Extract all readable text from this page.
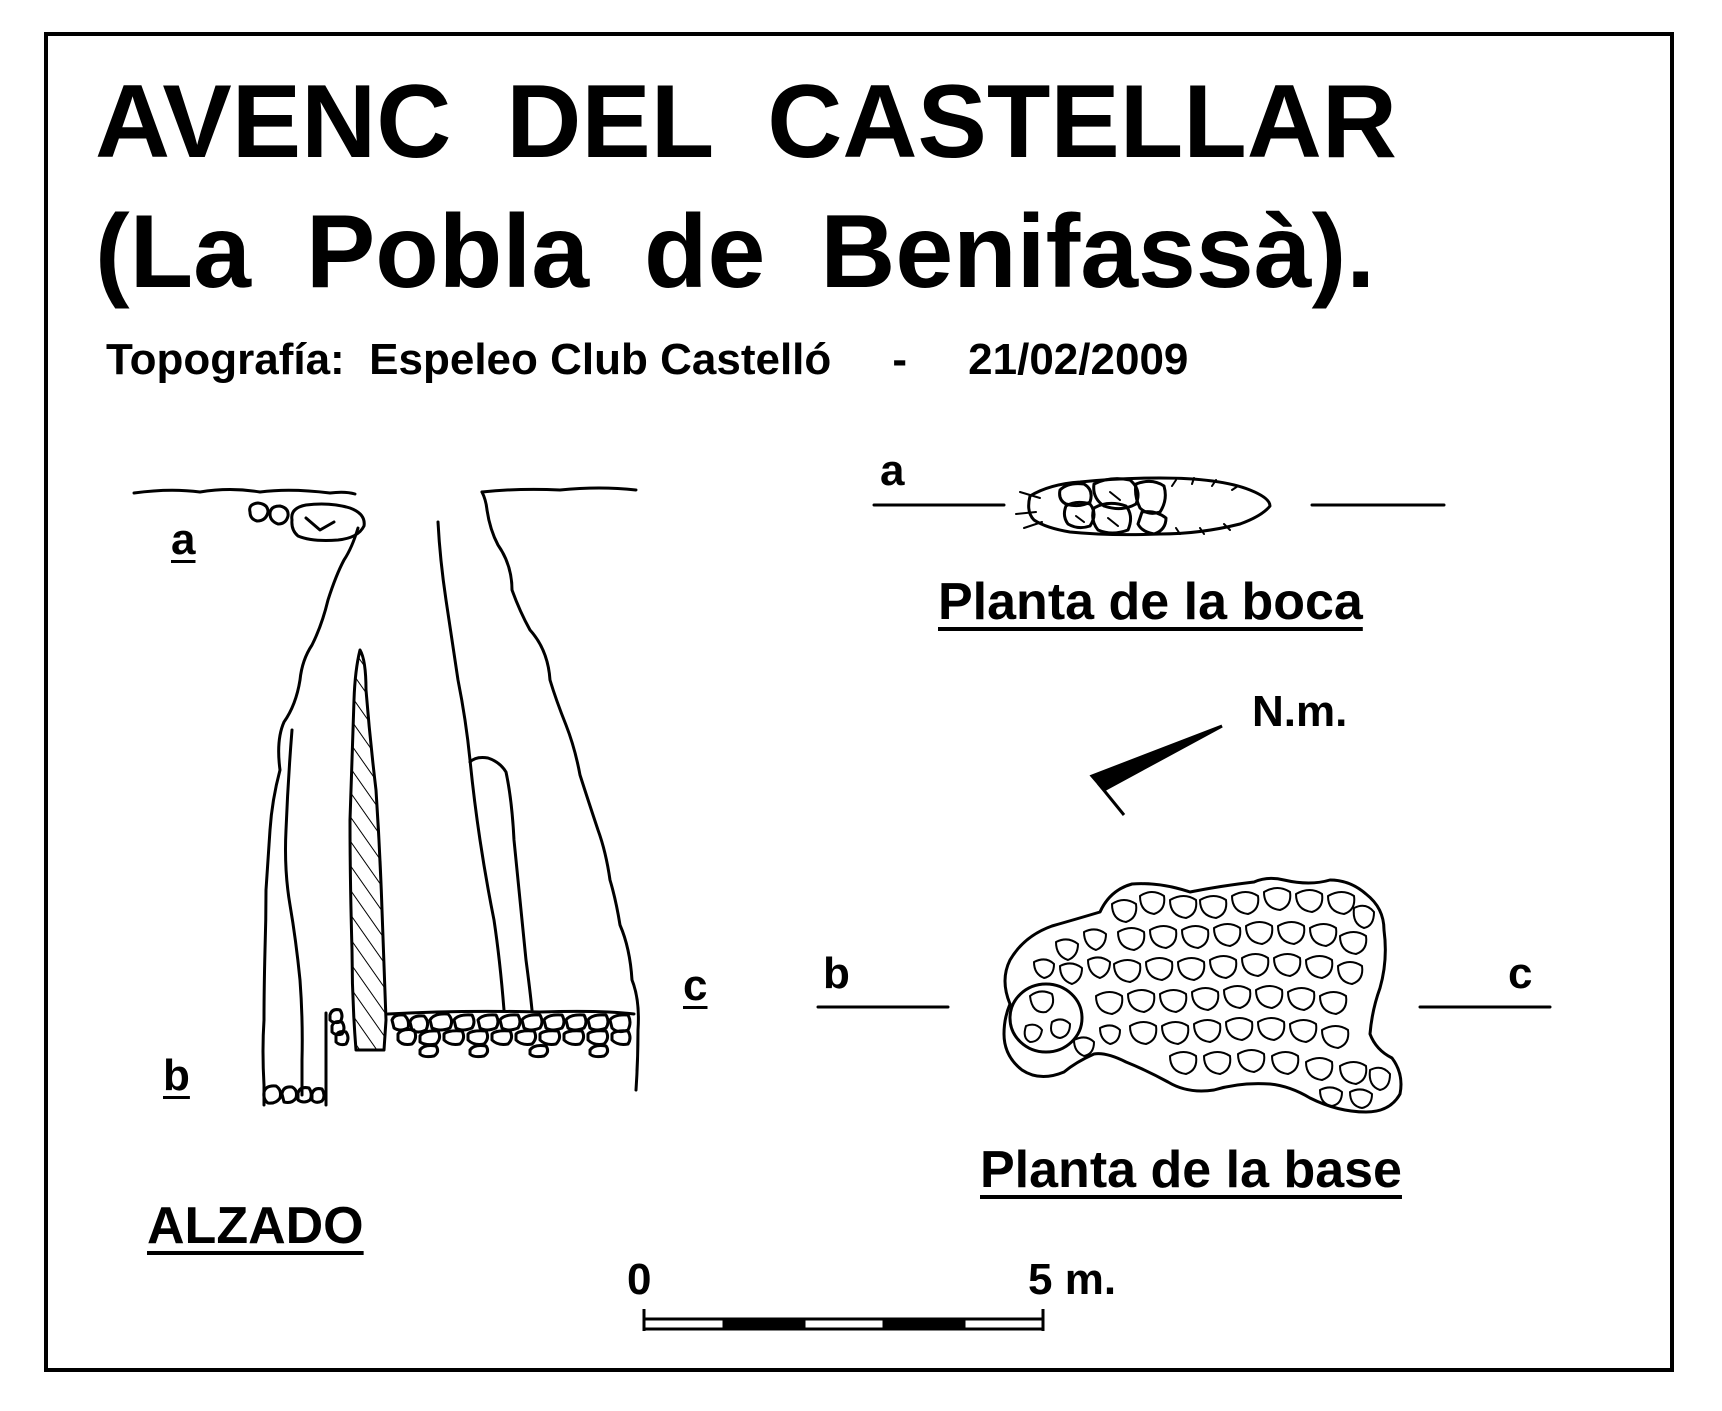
AVENC DEL CASTELLAR
(La Pobla de Benifassà).
Topografía:  Espeleo Club Castelló     -     21/02/2009
a
b
c
ALZADO
a
Planta de la boca
N.m.
b	c
Planta de la base
0	5 m.
